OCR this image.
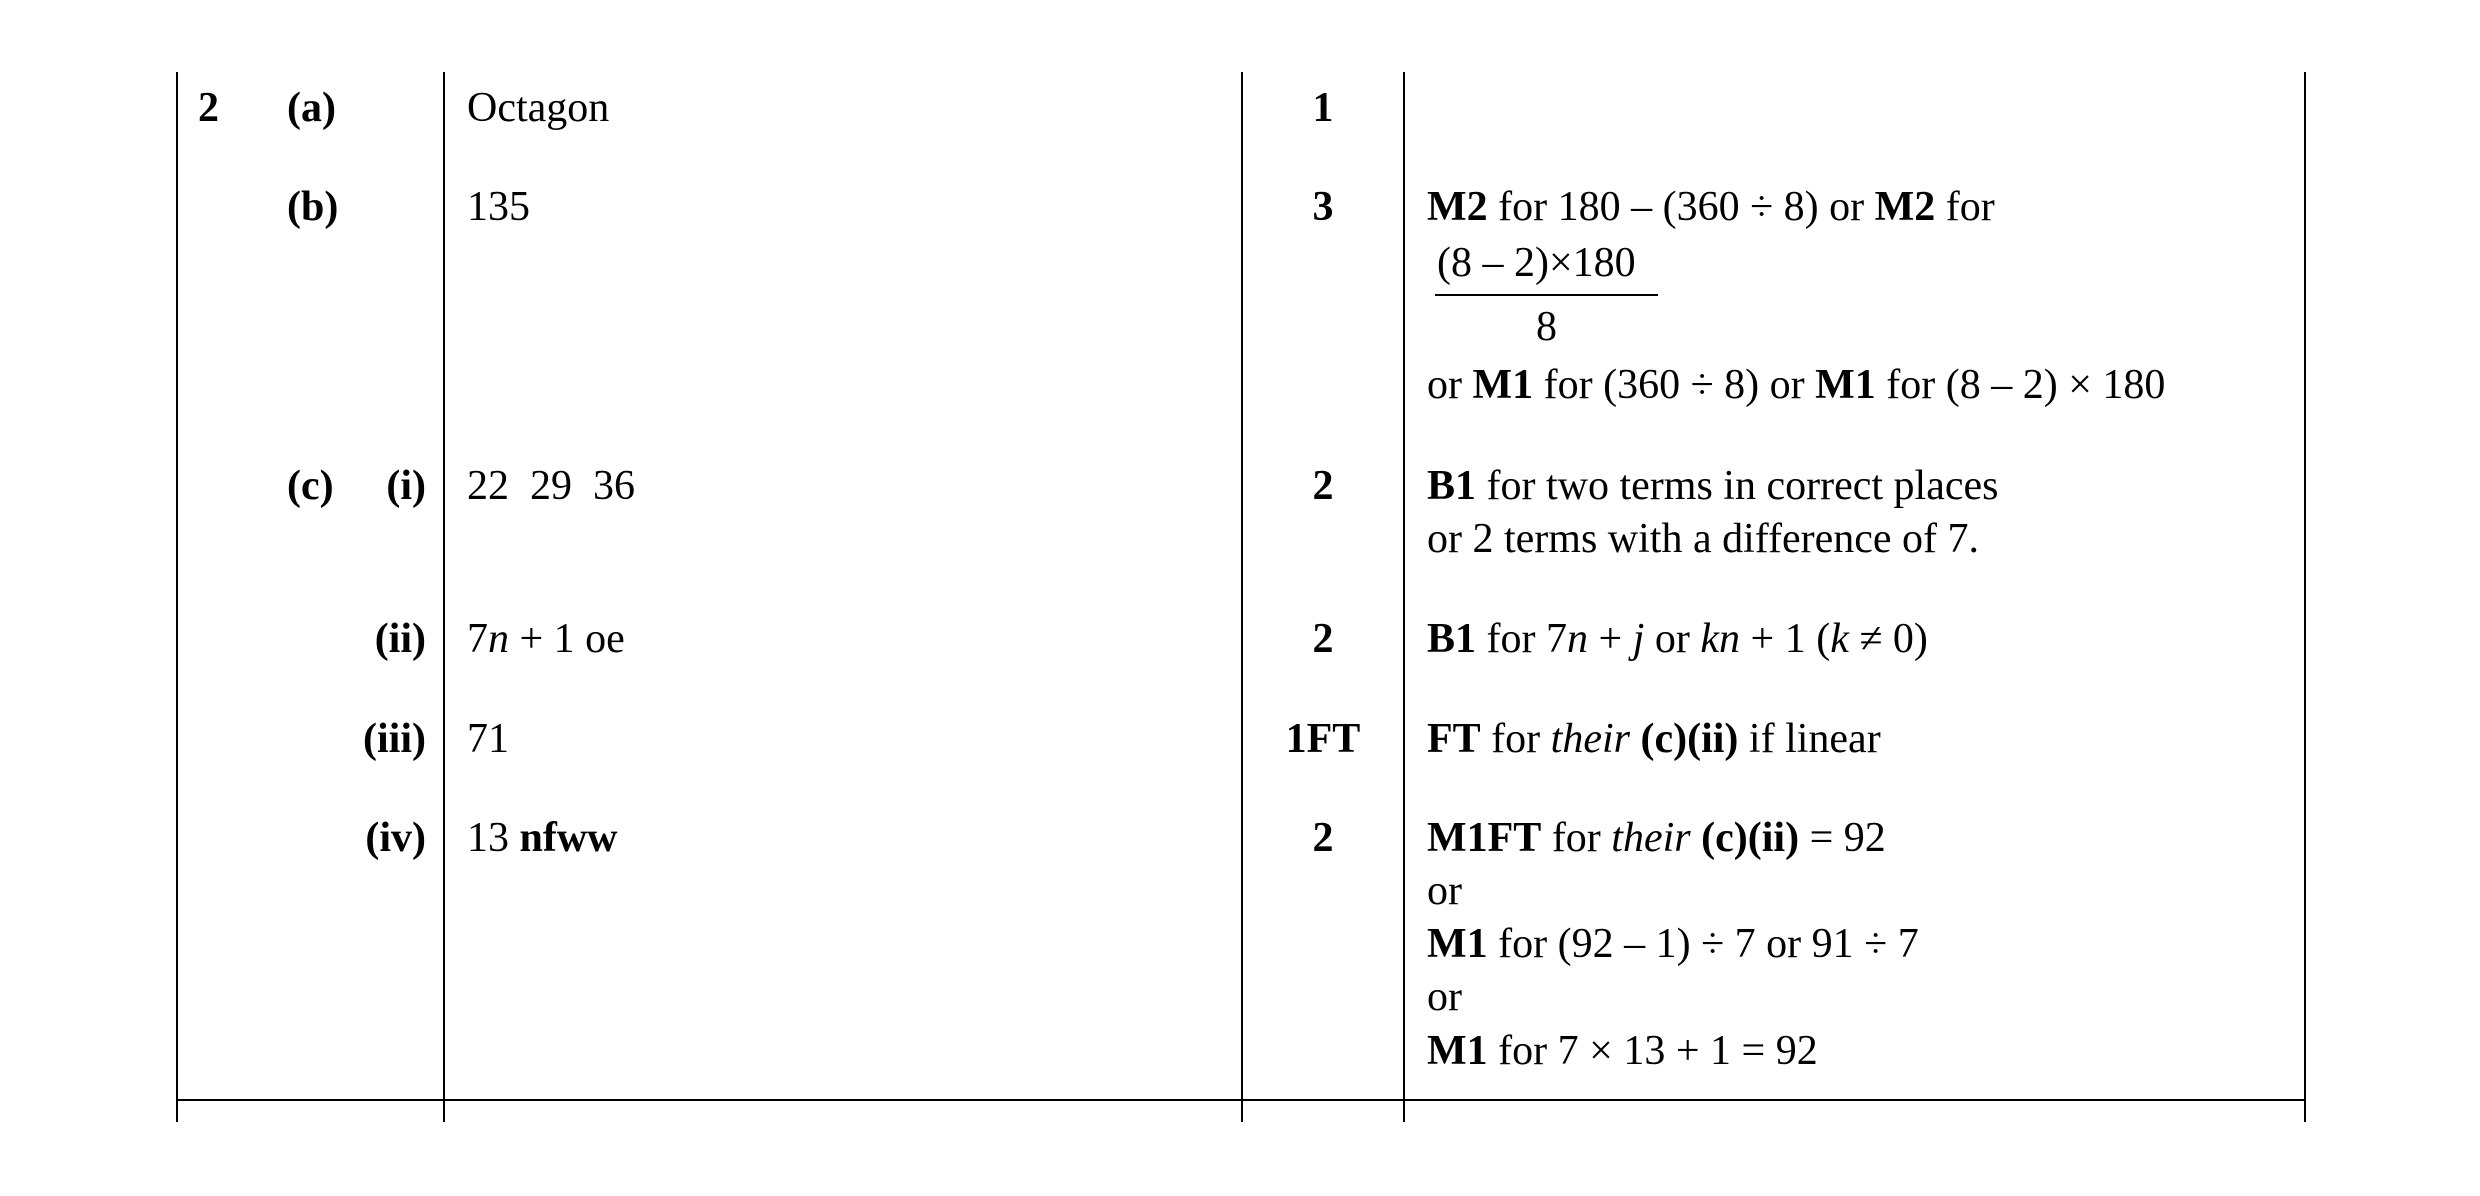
2 (a)
(b)
(c)	(i)
(ii)
(iii)
(iv)
Octagon
135
22  29  36
7n + 1 oe
71
13 nfww
1
3
2
2
1FT
2
M2 for 180 – (360 ÷ 8) or M2 for
(8 – 2)×180
8
or M1 for (360 ÷ 8) or M1 for (8 – 2) × 180
B1 for two terms in correct places
or 2 terms with a difference of 7.
B1 for 7n + j or kn + 1 (k ≠ 0)
FT for their (c)(ii) if linear
M1FT for their (c)(ii) = 92
or
M1 for (92 – 1) ÷ 7 or 91 ÷ 7
or
M1 for 7 × 13 + 1 = 92
